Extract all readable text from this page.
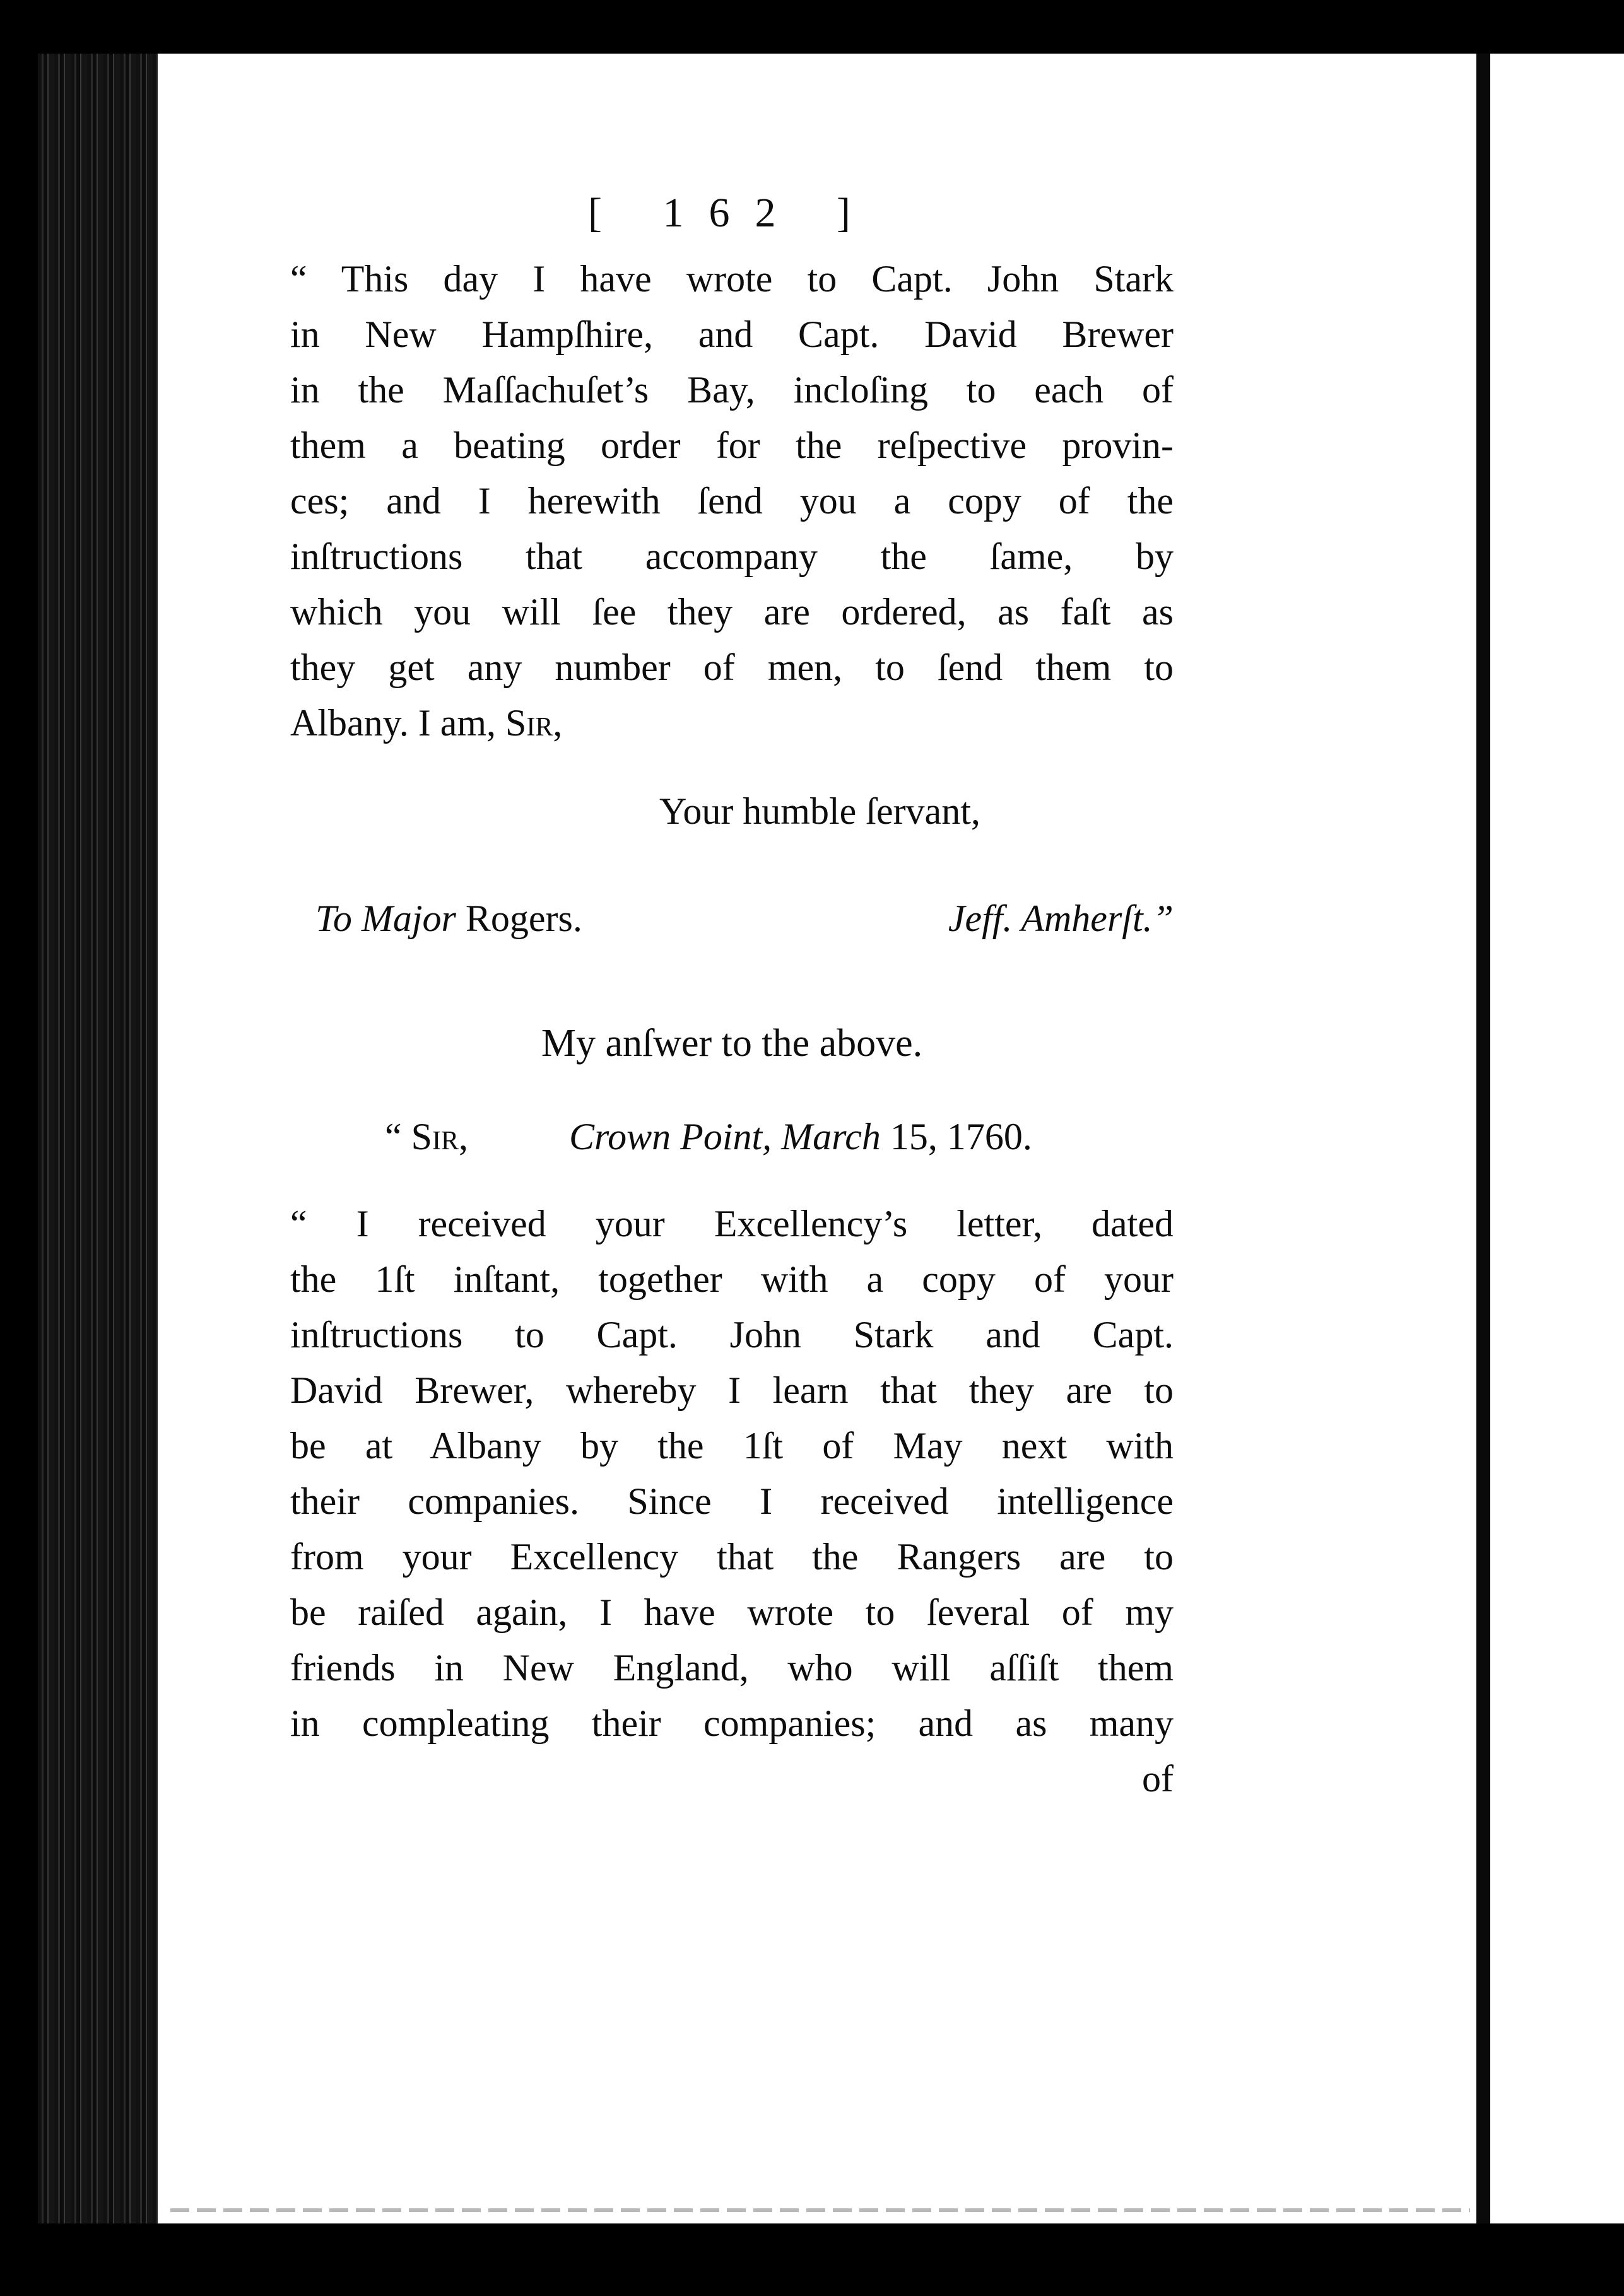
[ 162 ]
“ This day I have wrote to Capt. John Stark
in New Hampſhire, and Capt. David Brewer
in the Maſſachuſet’s Bay, incloſing to each of
them a beating order for the reſpective provin-
ces; and I herewith ſend you a copy of the
inſtructions that accompany the ſame, by
which you will ſee they are ordered, as faſt as
they get any number of men, to ſend them to
Albany. I am, Sir,
Your humble ſervant,
To Major Rogers.	Jeff. Amherſt.”
My anſwer to the above.
“ Sir,	Crown Point, March 15, 1760.
“ I received your Excellency’s letter, dated
the 1ſt inſtant, together with a copy of your
inſtructions to Capt. John Stark and Capt.
David Brewer, whereby I learn that they are to
be at Albany by the 1ſt of May next with
their companies. Since I received intelligence
from your Excellency that the Rangers are to
be raiſed again, I have wrote to ſeveral of my
friends in New England, who will aſſiſt them
in compleating their companies; and as many
of
